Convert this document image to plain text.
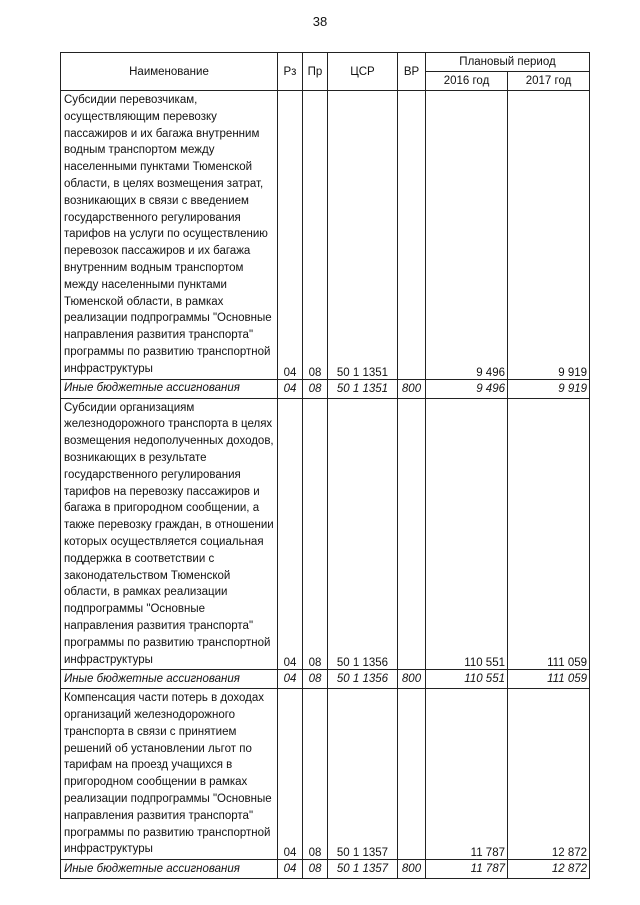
38
Наименование	Рз	Пр	ЦСР	ВР	Плановый период	
					2016 год	2017 год
Субсидии перевозчикам, осуществляющим перевозку пассажиров и их багажа внутренним водным транспортом между населенными пунктами Тюменской области, в целях возмещения затрат, возникающих в связи с введением государственного регулирования тарифов на услуги по осуществлению перевозок пассажиров и их багажа внутренним водным транспортом между населенными пунктами Тюменской области, в рамках реализации подпрограммы "Основные направления развития транспорта" программы по развитию транспортной инфраструктуры	04	08	50 1 1351		9 496	9 919
Иные бюджетные ассигнования	04	08	50 1 1351	800	9 496	9 919
Субсидии организациям железнодорожного транспорта в целях возмещения недополученных доходов, возникающих в результате государственного регулирования тарифов на перевозку пассажиров и багажа в пригородном сообщении, а также перевозку граждан, в отношении которых осуществляется социальная поддержка в соответствии с законодательством Тюменской области, в рамках реализации подпрограммы "Основные направления развития транспорта" программы по развитию транспортной инфраструктуры	04	08	50 1 1356		110 551	111 059
Иные бюджетные ассигнования	04	08	50 1 1356	800	110 551	111 059
Компенсация части потерь в доходах организаций железнодорожного транспорта в связи с принятием решений об установлении льгот по тарифам на проезд учащихся в пригородном сообщении в рамках реализации подпрограммы "Основные направления развития транспорта" программы по развитию транспортной инфраструктуры	04	08	50 1 1357		11 787	12 872
Иные бюджетные ассигнования	04	08	50 1 1357	800	11 787	12 872
